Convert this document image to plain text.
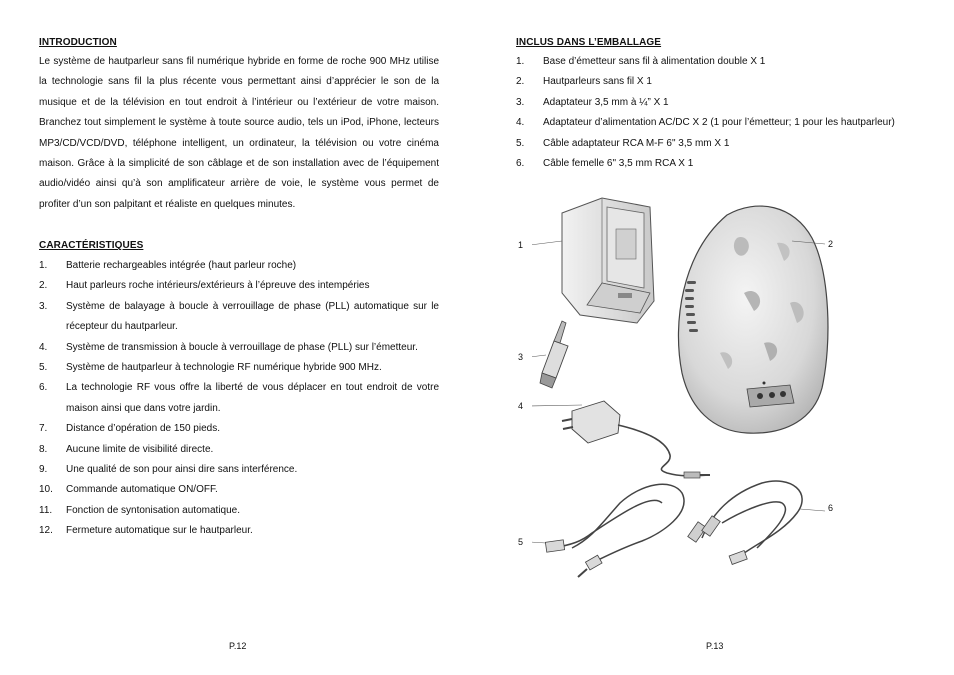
INTRODUCTION
Le système de hautparleur sans fil numérique hybride en forme de roche 900 MHz utilise
la technologie sans fil la plus récente vous permettant ainsi d’apprécier le son de la
musique et de la télévision en tout endroit à l’intérieur ou l’extérieur de votre maison.
Branchez tout simplement le système à toute source audio, tels un iPod, iPhone, lecteurs
MP3/CD/VCD/DVD, téléphone intelligent, un ordinateur, la télévision ou votre cinéma
maison. Grâce à la simplicité de son câblage et de son installation avec de l’équipement
audio/vidéo ainsi qu’à son amplificateur arrière de voie, le système vous permet de
profiter d’un son palpitant et réaliste en quelques minutes.
CARACTÉRISTIQUES
1. Batterie rechargeables intégrée (haut parleur roche)
2. Haut parleurs roche intérieurs/extérieurs à l’épreuve des intempéries
3. Système de balayage à boucle à verrouillage de phase (PLL) automatique sur le
récepteur du hautparleur.
4. Système de transmission à boucle à verrouillage de phase (PLL) sur l’émetteur.
5. Système de hautparleur à technologie RF numérique hybride 900 MHz.
6. La technologie RF vous offre la liberté de vous déplacer en tout endroit de votre
maison ainsi que dans votre jardin.
7. Distance d’opération de 150 pieds.
8. Aucune limite de visibilité directe.
9. Une qualité de son pour ainsi dire sans interférence.
10. Commande automatique ON/OFF.
11. Fonction de syntonisation automatique.
12. Fermeture automatique sur le hautparleur.
P.12
INCLUS DANS L’EMBALLAGE
1. Base d’émetteur sans fil à alimentation double X 1
2. Hautparleurs sans fil X 1
3. Adaptateur 3,5 mm à ¼” X 1
4. Adaptateur d’alimentation AC/DC X 2 (1 pour l’émetteur; 1 pour les hautparleur)
5. Câble adaptateur RCA M-F 6" 3,5 mm X 1
6. Câble femelle 6" 3,5 mm RCA X 1
1	2
3
4
5
6
P.13
